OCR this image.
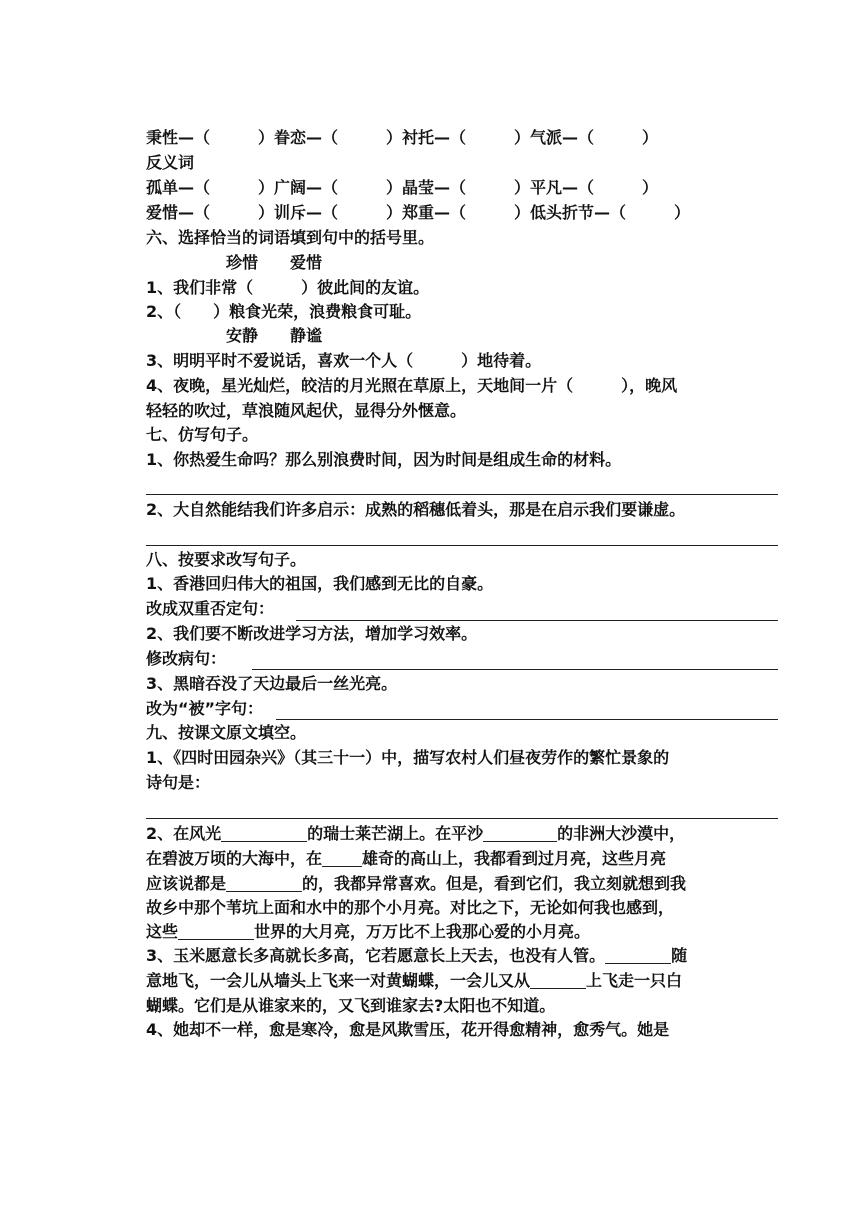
秉性—（　　　）眷恋—（　　　）衬托—（　　　）气派—（　　　）
反义词
孤单—（　　　）广阔—（　　　）晶莹—（　　　）平凡—（　　　）
爱惜—（　　　）训斥—（　　　）郑重—（　　　）低头折节—（　　　）
六、选择恰当的词语填到句中的括号里。
珍惜　　爱惜
1、我们非常（　　　）彼此间的友谊。
2、（　　）粮食光荣，浪费粮食可耻。
安静　　静谧
3、明明平时不爱说话，喜欢一个人（　　　）地待着。
4、夜晚，星光灿烂，皎洁的月光照在草原上，天地间一片（　　　），晚风
轻轻的吹过，草浪随风起伏，显得分外惬意。
七、仿写句子。
1、你热爱生命吗？那么别浪费时间，因为时间是组成生命的材料。
2、大自然能结我们许多启示：成熟的稻穗低着头，那是在启示我们要谦虚。
八、按要求改写句子。
1、香港回归伟大的祖国，我们感到无比的自豪。
改成双重否定句：
2、我们要不断改进学习方法，增加学习效率。
修改病句：
3、黑暗吞没了天边最后一丝光亮。
改为“被”字句：
九、按课文原文填空。
1、《四时田园杂兴》（其三十一）中，描写农村人们昼夜劳作的繁忙景象的
诗句是：
2、在风光	的瑞士莱芒湖上。在平沙	的非洲大沙漠中，
在碧波万顷的大海中，在	雄奇的高山上，我都看到过月亮，这些月亮
应该说都是	的，我都异常喜欢。但是，看到它们，我立刻就想到我
故乡中那个苇坑上面和水中的那个小月亮。对比之下，无论如何我也感到，
这些	世界的大月亮，万万比不上我那心爱的小月亮。
3、玉米愿意长多高就长多高，它若愿意长上天去，也没有人管。	随
意地飞，一会儿从墙头上飞来一对黄蝴蝶，一会儿又从	上飞走一只白
蝴蝶。它们是从谁家来的，又飞到谁家去?太阳也不知道。
4、她却不一样，愈是寒冷，愈是风欺雪压，花开得愈精神，愈秀气。她是
